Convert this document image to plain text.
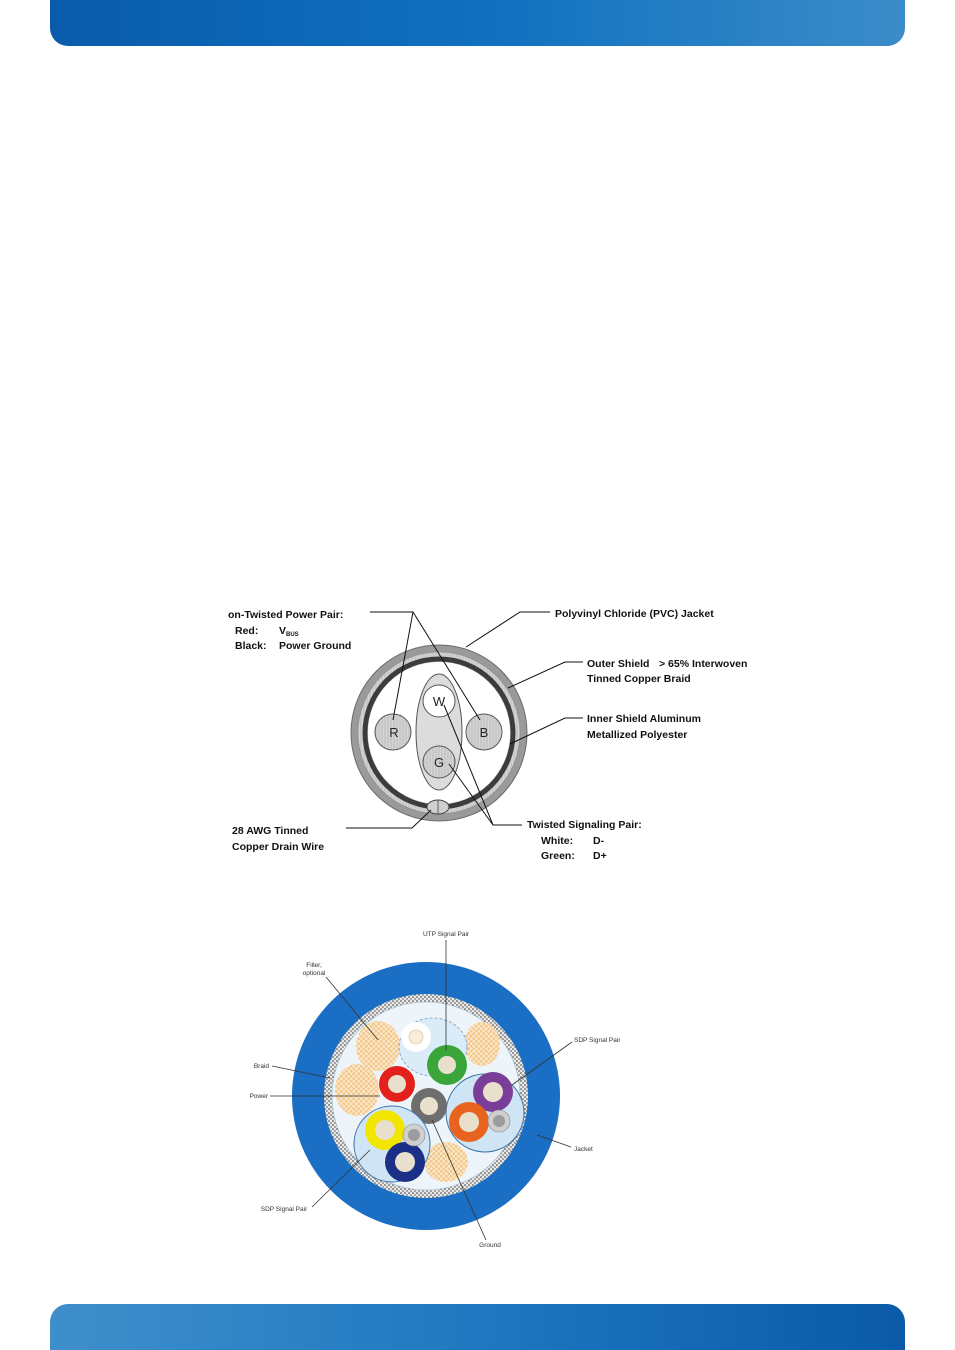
W
R	B
G
on-Twisted Power Pair:
Red: VBUS
Black: Power Ground
Polyvinyl Chloride (PVC) Jacket
Outer Shield > 65% Interwoven
Tinned Copper Braid
Inner Shield Aluminum
Metallized Polyester
28 AWG Tinned
Copper Drain Wire
Twisted Signaling Pair:
White: D-
Green: D+
UTP Signal Pair
Filler,
optional
Braid
Power
SDP Signal Pair
Jacket
SDP Signal Pair
Ground
